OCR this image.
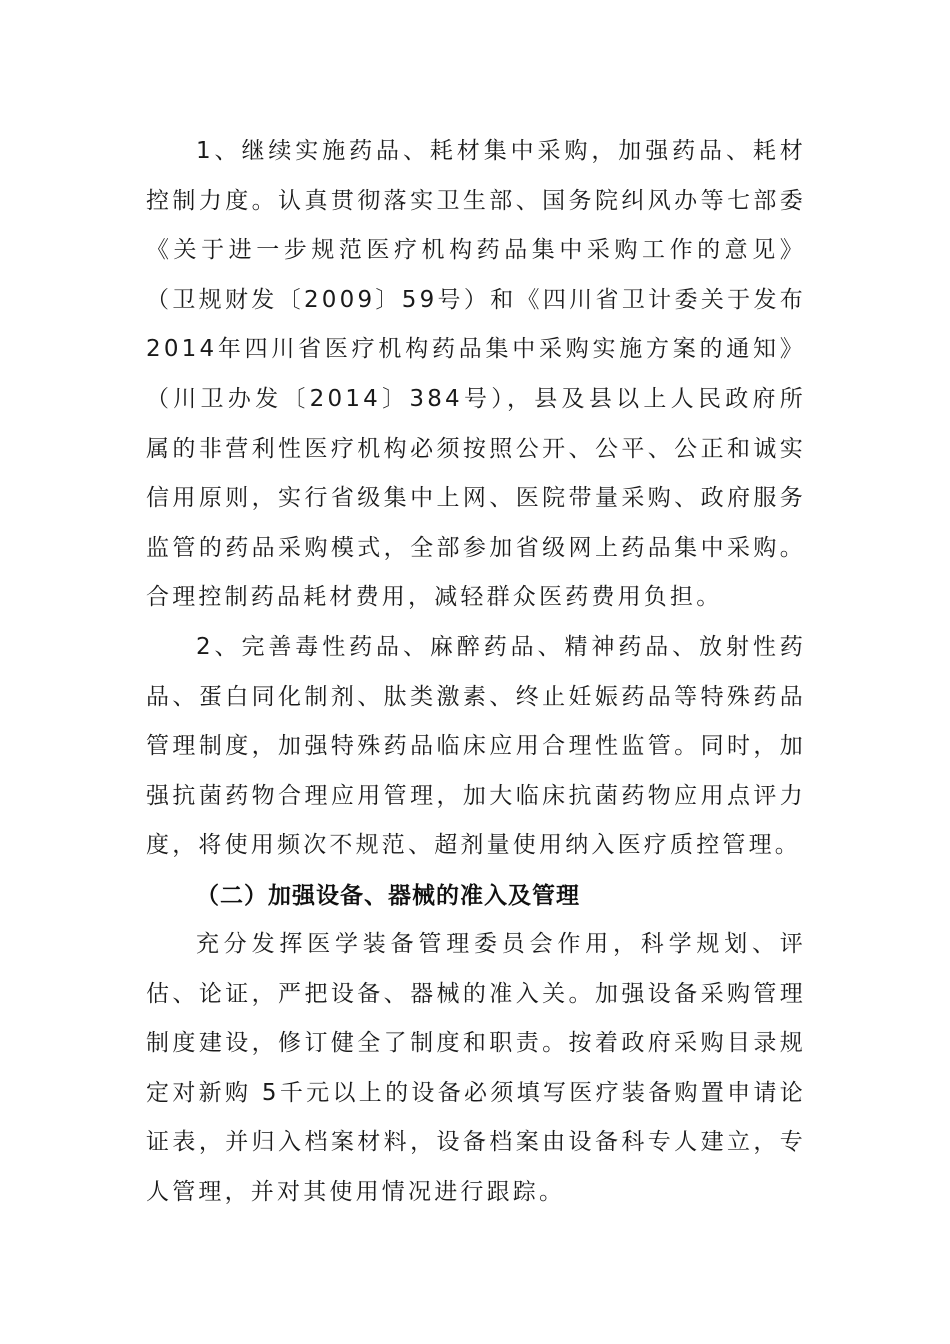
1、继续实施药品、耗材集中采购，加强药品、耗材控制力度。认真贯彻落实卫生部、国务院纠风办等七部委《关于进一步规范医疗机构药品集中采购工作的意见》（卫规财发〔2009〕59号）和《四川省卫计委关于发布2014年四川省医疗机构药品集中采购实施方案的通知》（川卫办发〔2014〕384号），县及县以上人民政府所属的非营利性医疗机构必须按照公开、公平、公正和诚实信用原则，实行省级集中上网、医院带量采购、政府服务监管的药品采购模式，全部参加省级网上药品集中采购。合理控制药品耗材费用，减轻群众医药费用负担。

2、完善毒性药品、麻醉药品、精神药品、放射性药品、蛋白同化制剂、肽类激素、终止妊娠药品等特殊药品管理制度，加强特殊药品临床应用合理性监管。同时，加强抗菌药物合理应用管理，加大临床抗菌药物应用点评力度，将使用频次不规范、超剂量使用纳入医疗质控管理。

（二）加强设备、器械的准入及管理

充分发挥医学装备管理委员会作用，科学规划、评估、论证，严把设备、器械的准入关。加强设备采购管理制度建设，修订健全了制度和职责。按着政府采购目录规定对新购 5千元以上的设备必须填写医疗装备购置申请论证表，并归入档案材料，设备档案由设备科专人建立，专人管理，并对其使用情况进行跟踪。
